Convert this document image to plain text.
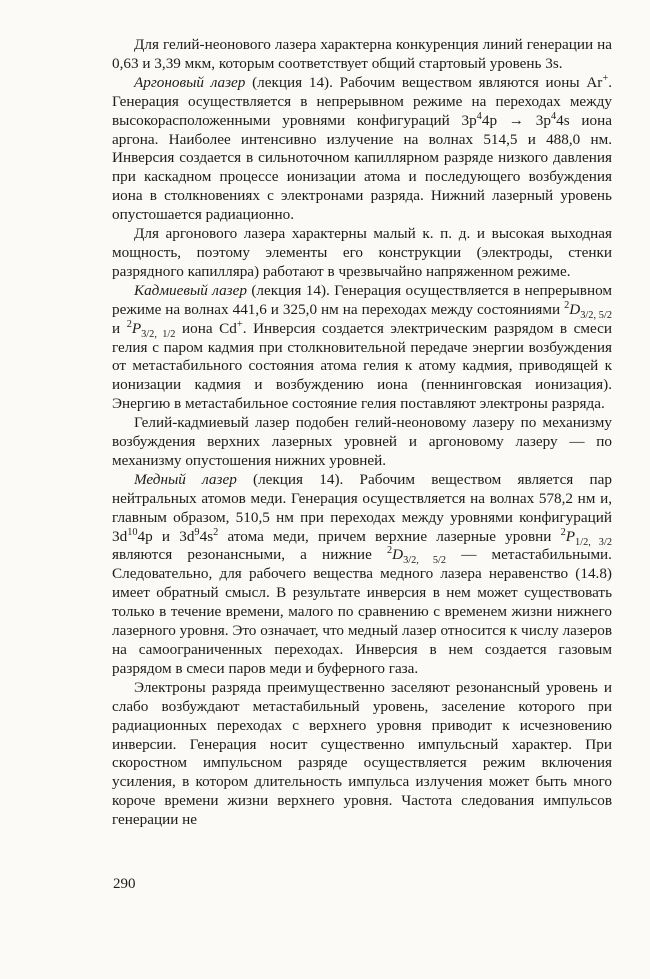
Для гелий-неонового лазера характерна конкуренция линий генерации на 0,63 и 3,39 мкм, которым соответствует общий стартовый уровень 3s.

Аргоновый лазер (лекция 14). Рабочим веществом являются ионы Ar+. Генерация осуществляется в непрерывном режиме на переходах между высокорасположенными уровнями конфигураций $3p^44p \to 3p^44s$ иона аргона. Наиболее интенсивно излучение на волнах 514,5 и 488,0 нм. Инверсия создается в сильноточном капиллярном разряде низкого давления при каскадном процессе ионизации атома и последующего возбуждения иона в столкновениях с электронами разряда. Нижний лазерный уровень опустошается радиационно.

Для аргонового лазера характерны малый к. п. д. и высокая выходная мощность, поэтому элементы его конструкции (электроды, стенки разрядного капилляра) работают в чрезвычайно напряженном режиме.

Кадмиевый лазер (лекция 14). Генерация осуществляется в непрерывном режиме на волнах 441,6 и 325,0 нм на переходах между состояниями $^2D_{3/2, 5/2}$ и $^2P_{3/2, 1/2}$ иона Cd+. Инверсия создается электрическим разрядом в смеси гелия с паром кадмия при столкновительной передаче энергии возбуждения от метастабильного состояния атома гелия к атому кадмия, приводящей к ионизации кадмия и возбуждению иона (пеннинговская ионизация). Энергию в метастабильное состояние гелия поставляют электроны разряда.

Гелий-кадмиевый лазер подобен гелий-неоновому лазеру по механизму возбуждения верхних лазерных уровней и аргоновому лазеру — по механизму опустошения нижних уровней.

Медный лазер (лекция 14). Рабочим веществом является пар нейтральных атомов меди. Генерация осуществляется на волнах 578,2 нм и, главным образом, 510,5 нм при переходах между уровнями конфигураций $3d^{10}4p$ и $3d^94s^2$ атома меди, причем верхние лазерные уровни $^2P_{1/2, 3/2}$ являются резонансными, а нижние $^2D_{3/2, 5/2}$ — метастабильными. Следовательно, для рабочего вещества медного лазера неравенство (14.8) имеет обратный смысл. В результате инверсия в нем может существовать только в течение времени, малого по сравнению с временем жизни нижнего лазерного уровня. Это означает, что медный лазер относится к числу лазеров на самоограниченных переходах. Инверсия в нем создается газовым разрядом в смеси паров меди и буферного газа.

Электроны разряда преимущественно заселяют резонансный уровень и слабо возбуждают метастабильный уровень, заселение которого при радиационных переходах с верхнего уровня приводит к исчезновению инверсии. Генерация носит существенно импульсный характер. При скоростном импульсном разряде осуществляется режим включения усиления, в котором длительность импульса излучения может быть много короче времени жизни верхнего уровня. Частота следования импульсов генерации не

290
